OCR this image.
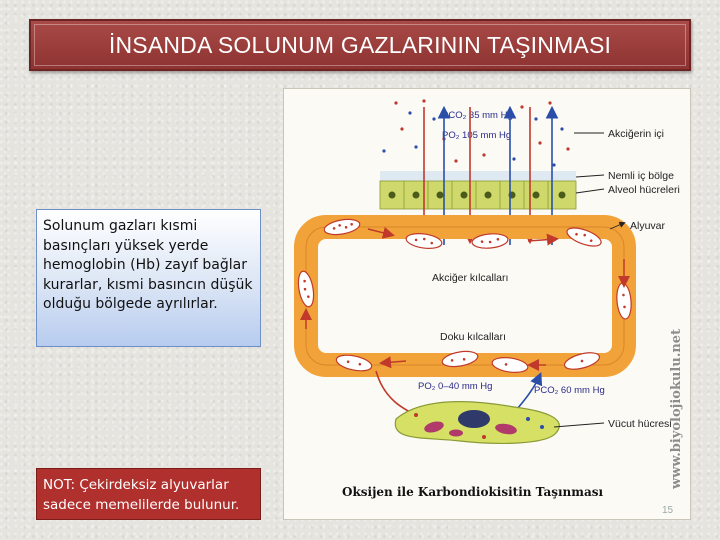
İNSANDA SOLUNUM GAZLARININ TAŞINMASI
Solunum gazları kısmi basınçları yüksek yerde hemoglobin (Hb) zayıf bağlar kurarlar, kısmi basıncın düşük olduğu bölgede ayrılırlar.
NOT: Çekirdeksiz alyuvarlar sadece memelilerde bulunur.
PCO₂ 35 mm Hg
PO₂ 105 mm Hg
Akciğer kılcalları
Doku kılcalları
PO₂ 0–40 mm Hg	PCO₂ 60 mm Hg
Akciğerin içi
Nemli iç bölge
Alveol hücreleri
Alyuvar
Vücut hücresi
Oksijen ile Karbondiokisitin Taşınması
www.biyolojiokulu.net
15
